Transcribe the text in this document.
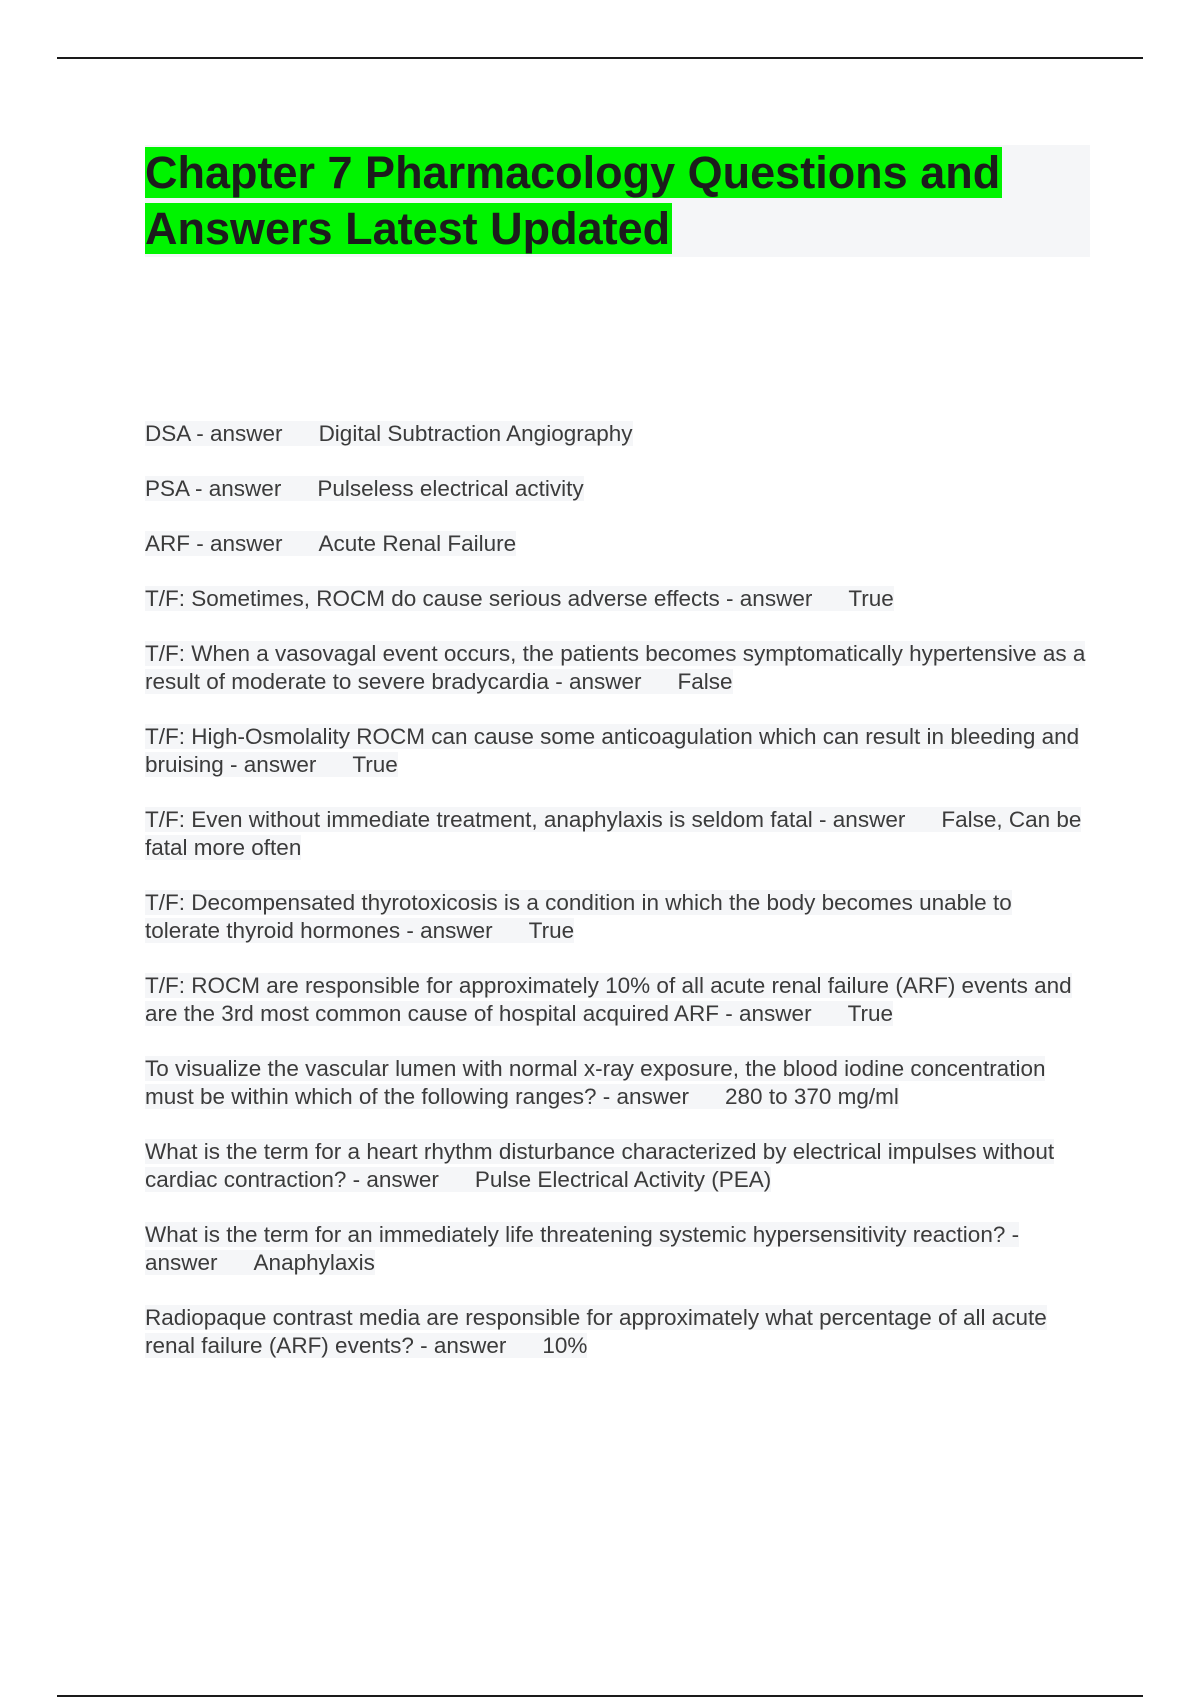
Chapter 7 Pharmacology Questions and
Answers Latest Updated
DSA - answer Digital Subtraction Angiography
PSA - answer Pulseless electrical activity
ARF - answer Acute Renal Failure
T/F: Sometimes, ROCM do cause serious adverse effects - answer True
T/F: When a vasovagal event occurs, the patients becomes symptomatically hypertensive as a result of moderate to severe bradycardia - answer False
T/F: High-Osmolality ROCM can cause some anticoagulation which can result in bleeding and bruising - answer True
T/F: Even without immediate treatment, anaphylaxis is seldom fatal - answer False, Can be fatal more often
T/F: Decompensated thyrotoxicosis is a condition in which the body becomes unable to tolerate thyroid hormones - answer True
T/F: ROCM are responsible for approximately 10% of all acute renal failure (ARF) events and are the 3rd most common cause of hospital acquired ARF - answer True
To visualize the vascular lumen with normal x-ray exposure, the blood iodine concentration must be within which of the following ranges? - answer 280 to 370 mg/ml
What is the term for a heart rhythm disturbance characterized by electrical impulses without cardiac contraction? - answer Pulse Electrical Activity (PEA)
What is the term for an immediately life threatening systemic hypersensitivity reaction? - answer Anaphylaxis
Radiopaque contrast media are responsible for approximately what percentage of all acute renal failure (ARF) events? - answer 10%
